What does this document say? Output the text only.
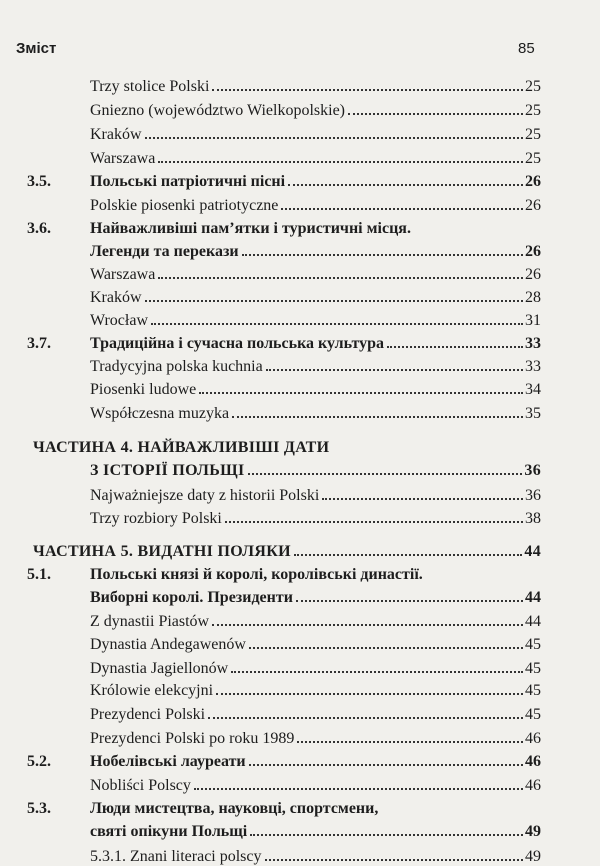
Зміст	85
Trzy stolice Polski	25
Gniezno (województwo Wielkopolskie)	25
Kraków	25
Warszawa	25
3.5. Польські патріотичні пісні	26
Polskie piosenki patriotyczne	26
3.6. Найважливіші пам’ятки і туристичні місця.
Легенди та перекази	26
Warszawa	26
Kraków	28
Wrocław	31
3.7. Традиційна і сучасна польська культура	33
Tradycyjna polska kuchnia	33
Piosenki ludowe	34
Współczesna muzyka	35
ЧАСТИНА 4. НАЙВАЖЛИВІШІ ДАТИ
З ІСТОРІЇ ПОЛЬЩІ	36
Najważniejsze daty z historii Polski	36
Trzy rozbiory Polski	38
ЧАСТИНА 5. ВИДАТНІ ПОЛЯКИ	44
5.1. Польські князі й королі, королівські династії.
Виборні королі. Президенти	44
Z dynastii Piastów	44
Dynastia Andegawenów	45
Dynastia Jagiellonów	45
Królowie elekcyjni	45
Prezydenci Polski	45
Prezydenci Polski po roku 1989	46
5.2. Нобелівські лауреати	46
Nobliści Polscy	46
5.3. Люди мистецтва, науковці, спортсмени,
святі опікуни Польщі	49
5.3.1. Znani literaci polscy	49
